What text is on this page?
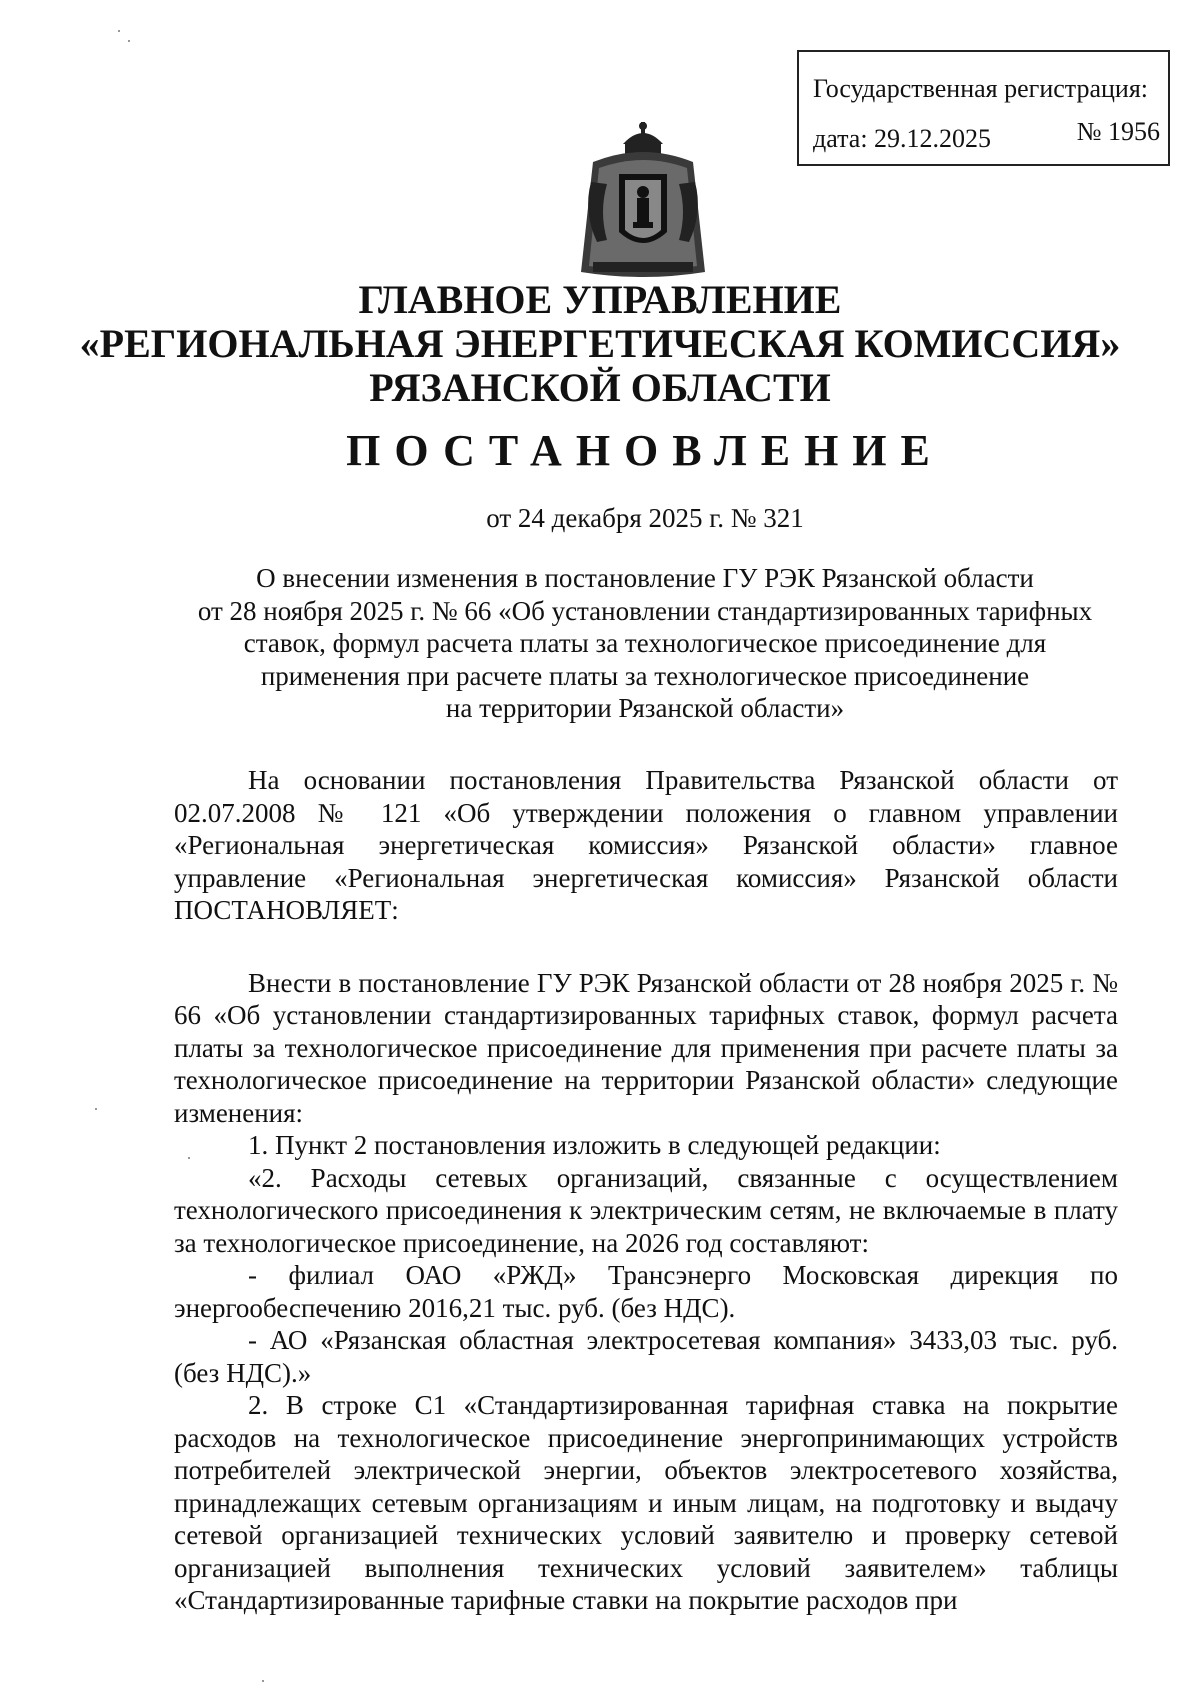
Государственная регистрация:
дата: 29.12.2025	№ 1956
ГЛАВНОЕ УПРАВЛЕНИЕ
«РЕГИОНАЛЬНАЯ ЭНЕРГЕТИЧЕСКАЯ КОМИССИЯ»
РЯЗАНСКОЙ ОБЛАСТИ
ПОСТАНОВЛЕНИЕ
от 24 декабря 2025 г. № 321
О внесении изменения в постановление ГУ РЭК Рязанской области
от 28 ноября 2025 г. № 66 «Об установлении стандартизированных тарифных
ставок, формул расчета платы за технологическое присоединение для
применения при расчете платы за технологическое присоединение
на территории Рязанской области»

На основании постановления Правительства Рязанской области от 02.07.2008 № 121 «Об утверждении положения о главном управлении «Региональная энергетическая комиссия» Рязанской области» главное управление «Региональная энергетическая комиссия» Рязанской области ПОСТАНОВЛЯЕТ:

Внести в постановление ГУ РЭК Рязанской области от 28 ноября 2025 г. № 66 «Об установлении стандартизированных тарифных ставок, формул расчета платы за технологическое присоединение для применения при расчете платы за технологическое присоединение на территории Рязанской области» следующие изменения:

1. Пункт 2 постановления изложить в следующей редакции:

«2. Расходы сетевых организаций, связанные с осуществлением технологического присоединения к электрическим сетям, не включаемые в плату за технологическое присоединение, на 2026 год составляют:

- филиал ОАО «РЖД» Трансэнерго Московская дирекция по энергообеспечению 2016,21 тыс. руб. (без НДС).

- АО «Рязанская областная электросетевая компания» 3433,03 тыс. руб. (без НДС).»

2. В строке С1 «Стандартизированная тарифная ставка на покрытие расходов на технологическое присоединение энергопринимающих устройств потребителей электрической энергии, объектов электросетевого хозяйства, принадлежащих сетевым организациям и иным лицам, на подготовку и выдачу сетевой организацией технических условий заявителю и проверку сетевой организацией выполнения технических условий заявителем» таблицы «Стандартизированные тарифные ставки на покрытие расходов при
